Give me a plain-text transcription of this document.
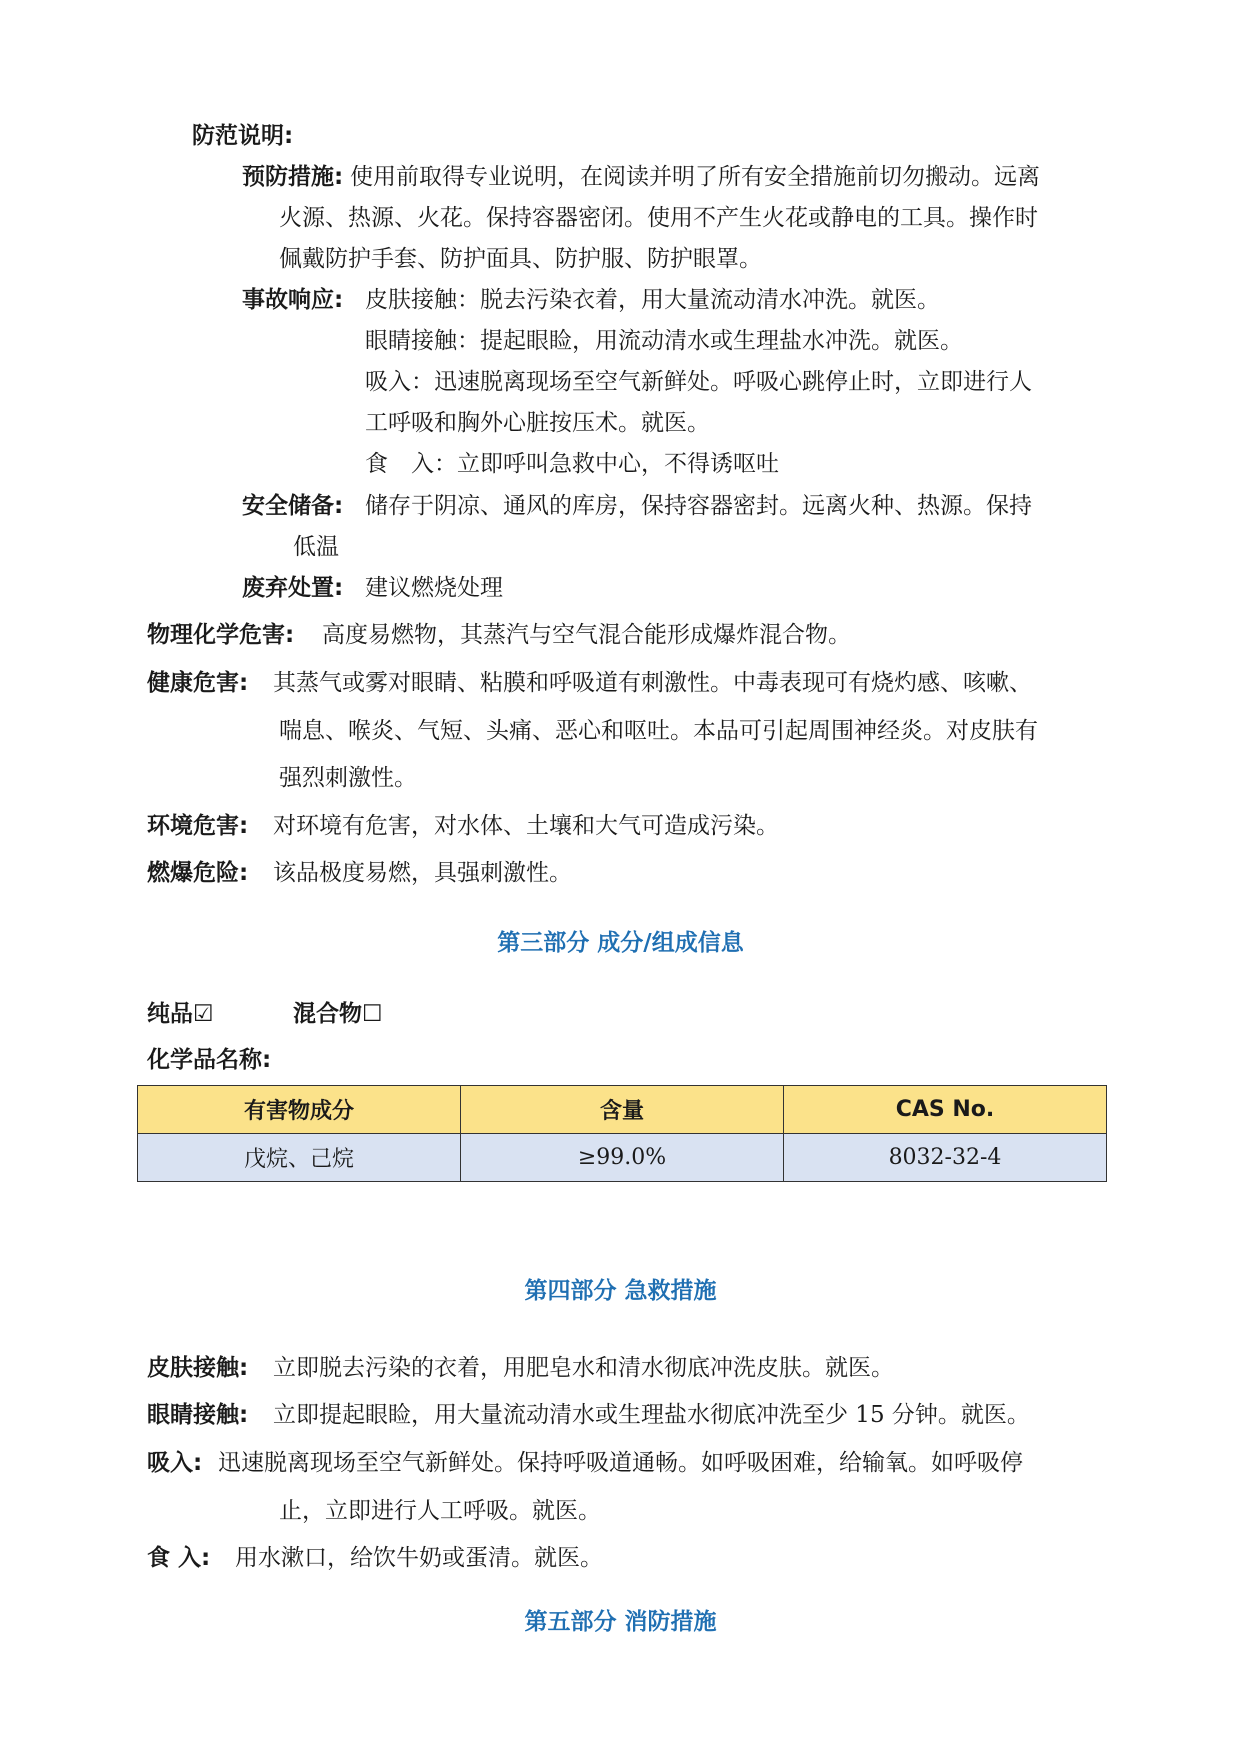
防范说明:
预防措施: 使用前取得专业说明，在阅读并明了所有安全措施前切勿搬动。远离
火源、热源、火花。保持容器密闭。使用不产生火花或静电的工具。操作时
佩戴防护手套、防护面具、防护服、防护眼罩。
事故响应: 皮肤接触：脱去污染衣着，用大量流动清水冲洗。就医。
眼睛接触：提起眼睑，用流动清水或生理盐水冲洗。就医。
吸入：迅速脱离现场至空气新鲜处。呼吸心跳停止时，立即进行人
工呼吸和胸外心脏按压术。就医。
食　入：立即呼叫急救中心，不得诱呕吐
安全储备: 储存于阴凉、通风的库房，保持容器密封。远离火种、热源。保持
低温
废弃处置: 建议燃烧处理
物理化学危害: 高度易燃物，其蒸汽与空气混合能形成爆炸混合物。
健康危害: 其蒸气或雾对眼睛、粘膜和呼吸道有刺激性。中毒表现可有烧灼感、咳嗽、
喘息、喉炎、气短、头痛、恶心和呕吐。本品可引起周围神经炎。对皮肤有
强烈刺激性。
环境危害: 对环境有危害，对水体、土壤和大气可造成污染。
燃爆危险: 该品极度易燃，具强刺激性。
第三部分 成分/组成信息
纯品☑	混合物☐
化学品名称:
有害物成分	含量	CAS No.
戊烷、己烷	≥99.0%	8032-32-4
第四部分 急救措施
皮肤接触: 立即脱去污染的衣着，用肥皂水和清水彻底冲洗皮肤。就医。
眼睛接触: 立即提起眼睑，用大量流动清水或生理盐水彻底冲洗至少 15 分钟。就医。
吸入: 迅速脱离现场至空气新鲜处。保持呼吸道通畅。如呼吸困难，给输氧。如呼吸停
止，立即进行人工呼吸。就医。
食 入: 用水漱口，给饮牛奶或蛋清。就医。
第五部分 消防措施
